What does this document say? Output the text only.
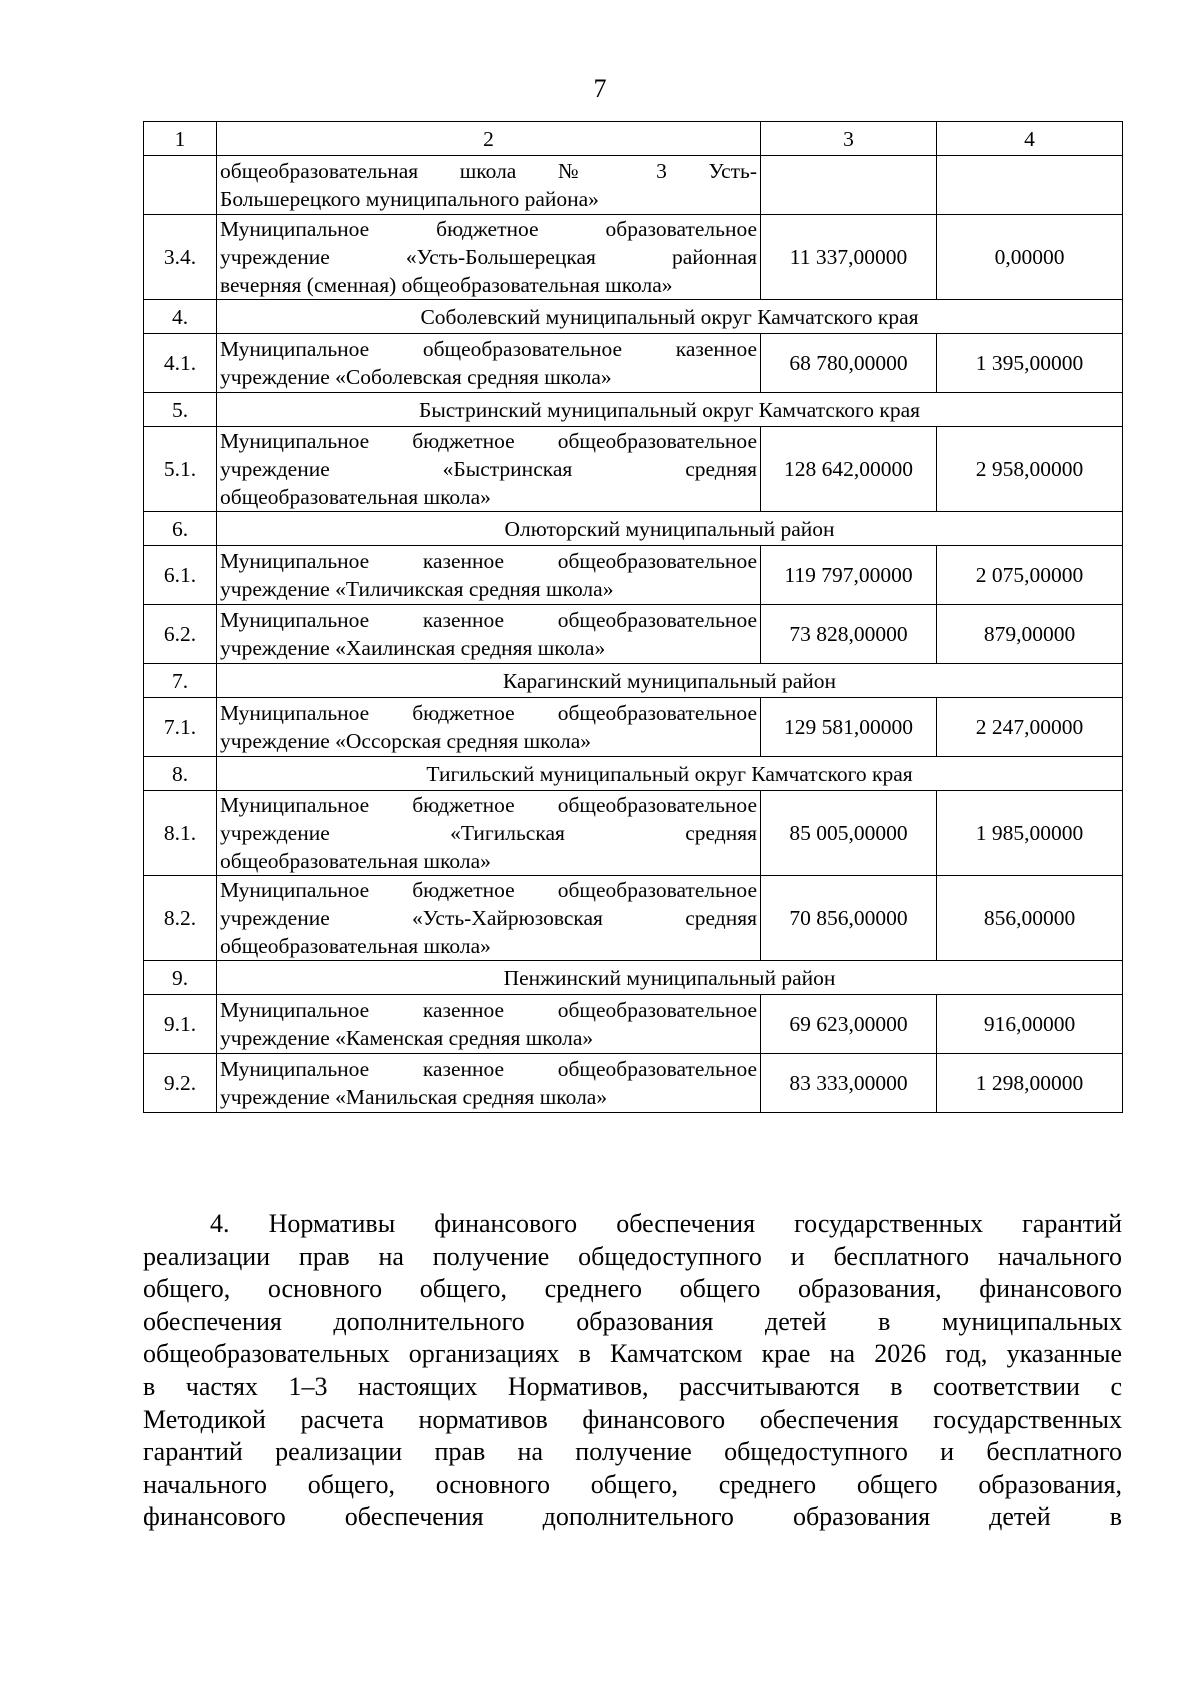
7
1	2	3	4

	общеобразовательная школа № 3 Усть-
Большерецкого муниципального района»		

3.4.	Муниципальное бюджетное образовательное
учреждение «Усть-Большерецкая районная
вечерняя (сменная) общеобразовательная школа»	11 337,00000	0,00000
4.	Соболевский муниципальный округ Камчатского края		
4.1.	Муниципальное общеобразовательное казенное
учреждение «Соболевская средняя школа»	68 780,00000	1 395,00000
5.	Быстринский муниципальный округ Камчатского края		
5.1.	Муниципальное бюджетное общеобразовательное
учреждение «Быстринская средняя
общеобразовательная школа»	128 642,00000	2 958,00000
6.	Олюторский муниципальный район		
6.1.	Муниципальное казенное общеобразовательное
учреждение «Тиличикская средняя школа»	119 797,00000	2 075,00000
6.2.	Муниципальное казенное общеобразовательное
учреждение «Хаилинская средняя школа»	73 828,00000	879,00000
7.	Карагинский муниципальный район		
7.1.	Муниципальное бюджетное общеобразовательное
учреждение «Оссорская средняя школа»	129 581,00000	2 247,00000
8.	Тигильский муниципальный округ Камчатского края		
8.1.	Муниципальное бюджетное общеобразовательное
учреждение «Тигильская средняя
общеобразовательная школа»	85 005,00000	1 985,00000
8.2.	Муниципальное бюджетное общеобразовательное
учреждение «Усть-Хайрюзовская средняя
общеобразовательная школа»	70 856,00000	856,00000
9.	Пенжинский муниципальный район		
9.1.	Муниципальное казенное общеобразовательное
учреждение «Каменская средняя школа»	69 623,00000	916,00000
9.2.	Муниципальное казенное общеобразовательное
учреждение «Манильская средняя школа»	83 333,00000	1 298,00000
4. Нормативы финансового обеспечения государственных гарантий
реализации прав на получение общедоступного и бесплатного начального
общего, основного общего, среднего общего образования, финансового
обеспечения дополнительного образования детей в муниципальных
общеобразовательных организациях в Камчатском крае на 2026 год, указанные
в частях 1–3 настоящих Нормативов, рассчитываются в соответствии с
Методикой расчета нормативов финансового обеспечения государственных
гарантий реализации прав на получение общедоступного и бесплатного
начального общего, основного общего, среднего общего образования,
финансового обеспечения дополнительного образования детей в
